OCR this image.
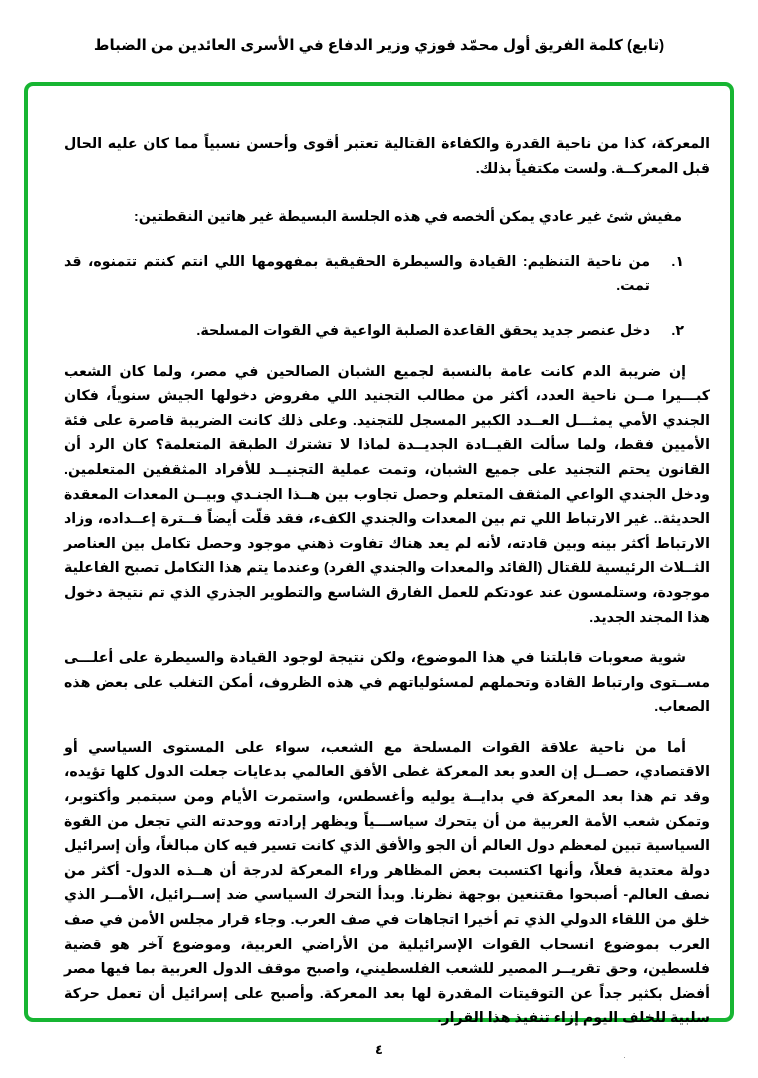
(تابع) كلمة الفريق أول محمّد فوزي وزير الدفاع في الأسرى العائدين من الضباط

المعركة، كذا من ناحية القدرة والكفاءة القتالية تعتبر أقوى وأحسن نسبياً مما كان عليه الحال قبل المعركــة. ولست مكتفياً بذلك.

مفيش شئ غير عادي يمكن ألخصه في هذه الجلسة البسيطة غير هاتين النقطتين:

١.
من ناحية التنظيم: القيادة والسيطرة الحقيقية بمفهومها اللي انتم كنتم تتمنوه، قد تمت.
٢.
دخل عنصر جديد يحقق القاعدة الصلبة الواعية في القوات المسلحة.

إن ضريبة الدم كانت عامة بالنسبة لجميع الشبان الصالحين في مصر، ولما كان الشعب كبـــيرا مــن ناحية العدد، أكثر من مطالب التجنيد اللي مفروض دخولها الجيش سنوياً، فكان الجندي الأمي يمثـــل العــدد الكبير المسجل للتجنيد. وعلى ذلك كانت الضريبة قاصرة على فئة الأميين فقط، ولما سألت القيــادة الجديــدة لماذا لا تشترك الطبقة المتعلمة؟ كان الرد أن القانون يحتم التجنيد على جميع الشبان، وتمت عملية التجنيــد للأفراد المثقفين المتعلمين. ودخل الجندي الواعي المثقف المتعلم وحصل تجاوب بين هــذا الجنـدي وبيــن المعدات المعقدة الحديثة.. غير الارتباط اللي تم بين المعدات والجندي الكفء، فقد قلّت أيضاً فــترة إعــداده، وزاد الارتباط أكثر بينه وبين قادته، لأنه لم يعد هناك تفاوت ذهني موجود وحصل تكامل بين العناصر الثــلاث الرئيسية للقتال (القائد والمعدات والجندي الفرد) وعندما يتم هذا التكامل تصبح الفاعلية موجودة، وستلمسون عند عودتكم للعمل الفارق الشاسع والتطوير الجذري الذي تم نتيجة دخول هذا المجند الجديد.

شوية صعوبات قابلتنا في هذا الموضوع، ولكن نتيجة لوجود القيادة والسيطرة على أعلـــى مســتوى وارتباط القادة وتحملهم لمسئولياتهم في هذه الظروف، أمكن التغلب على بعض هذه الصعاب.

أما من ناحية علاقة القوات المسلحة مع الشعب، سواء على المستوى السياسي أو الاقتصادي، حصــل إن العدو بعد المعركة غطى الأفق العالمي بدعايات جعلت الدول كلها تؤيده، وقد تم هذا بعد المعركة في بدايــة يوليه وأغسطس، واستمرت الأيام ومن سبتمبر وأكتوبر، وتمكن شعب الأمة العربية من أن يتحرك سياســـياً ويظهر إرادته ووحدته التي تجعل من القوة السياسية تبين لمعظم دول العالم أن الجو والأفق الذي كانت تسير فيه كان مبالغاً، وأن إسرائيل دولة معتدية فعلاً، وأنها اكتسبت بعض المظاهر وراء المعركة لدرجة أن هــذه الدول- أكثر من نصف العالم- أصبحوا مقتنعين بوجهة نظرنا. وبدأ التحرك السياسي ضد إســرائيل، الأمــر الذي خلق من اللقاء الدولي الذي تم أخيرا اتجاهات في صف العرب. وجاء قرار مجلس الأمن في صف العرب بموضوع انسحاب القوات الإسرائيلية من الأراضي العربية، وموضوع آخر هو قضية فلسطين، وحق تقريــر المصير للشعب الفلسطيني، واصبح موقف الدول العربية بما فيها مصر أفضل بكثير جداً عن التوقيتات المقدرة لها بعد المعركة. وأصبح على إسرائيل أن تعمل حركة سلبية للخلف اليوم إزاء تنفيذ هذا القرار.

٤
